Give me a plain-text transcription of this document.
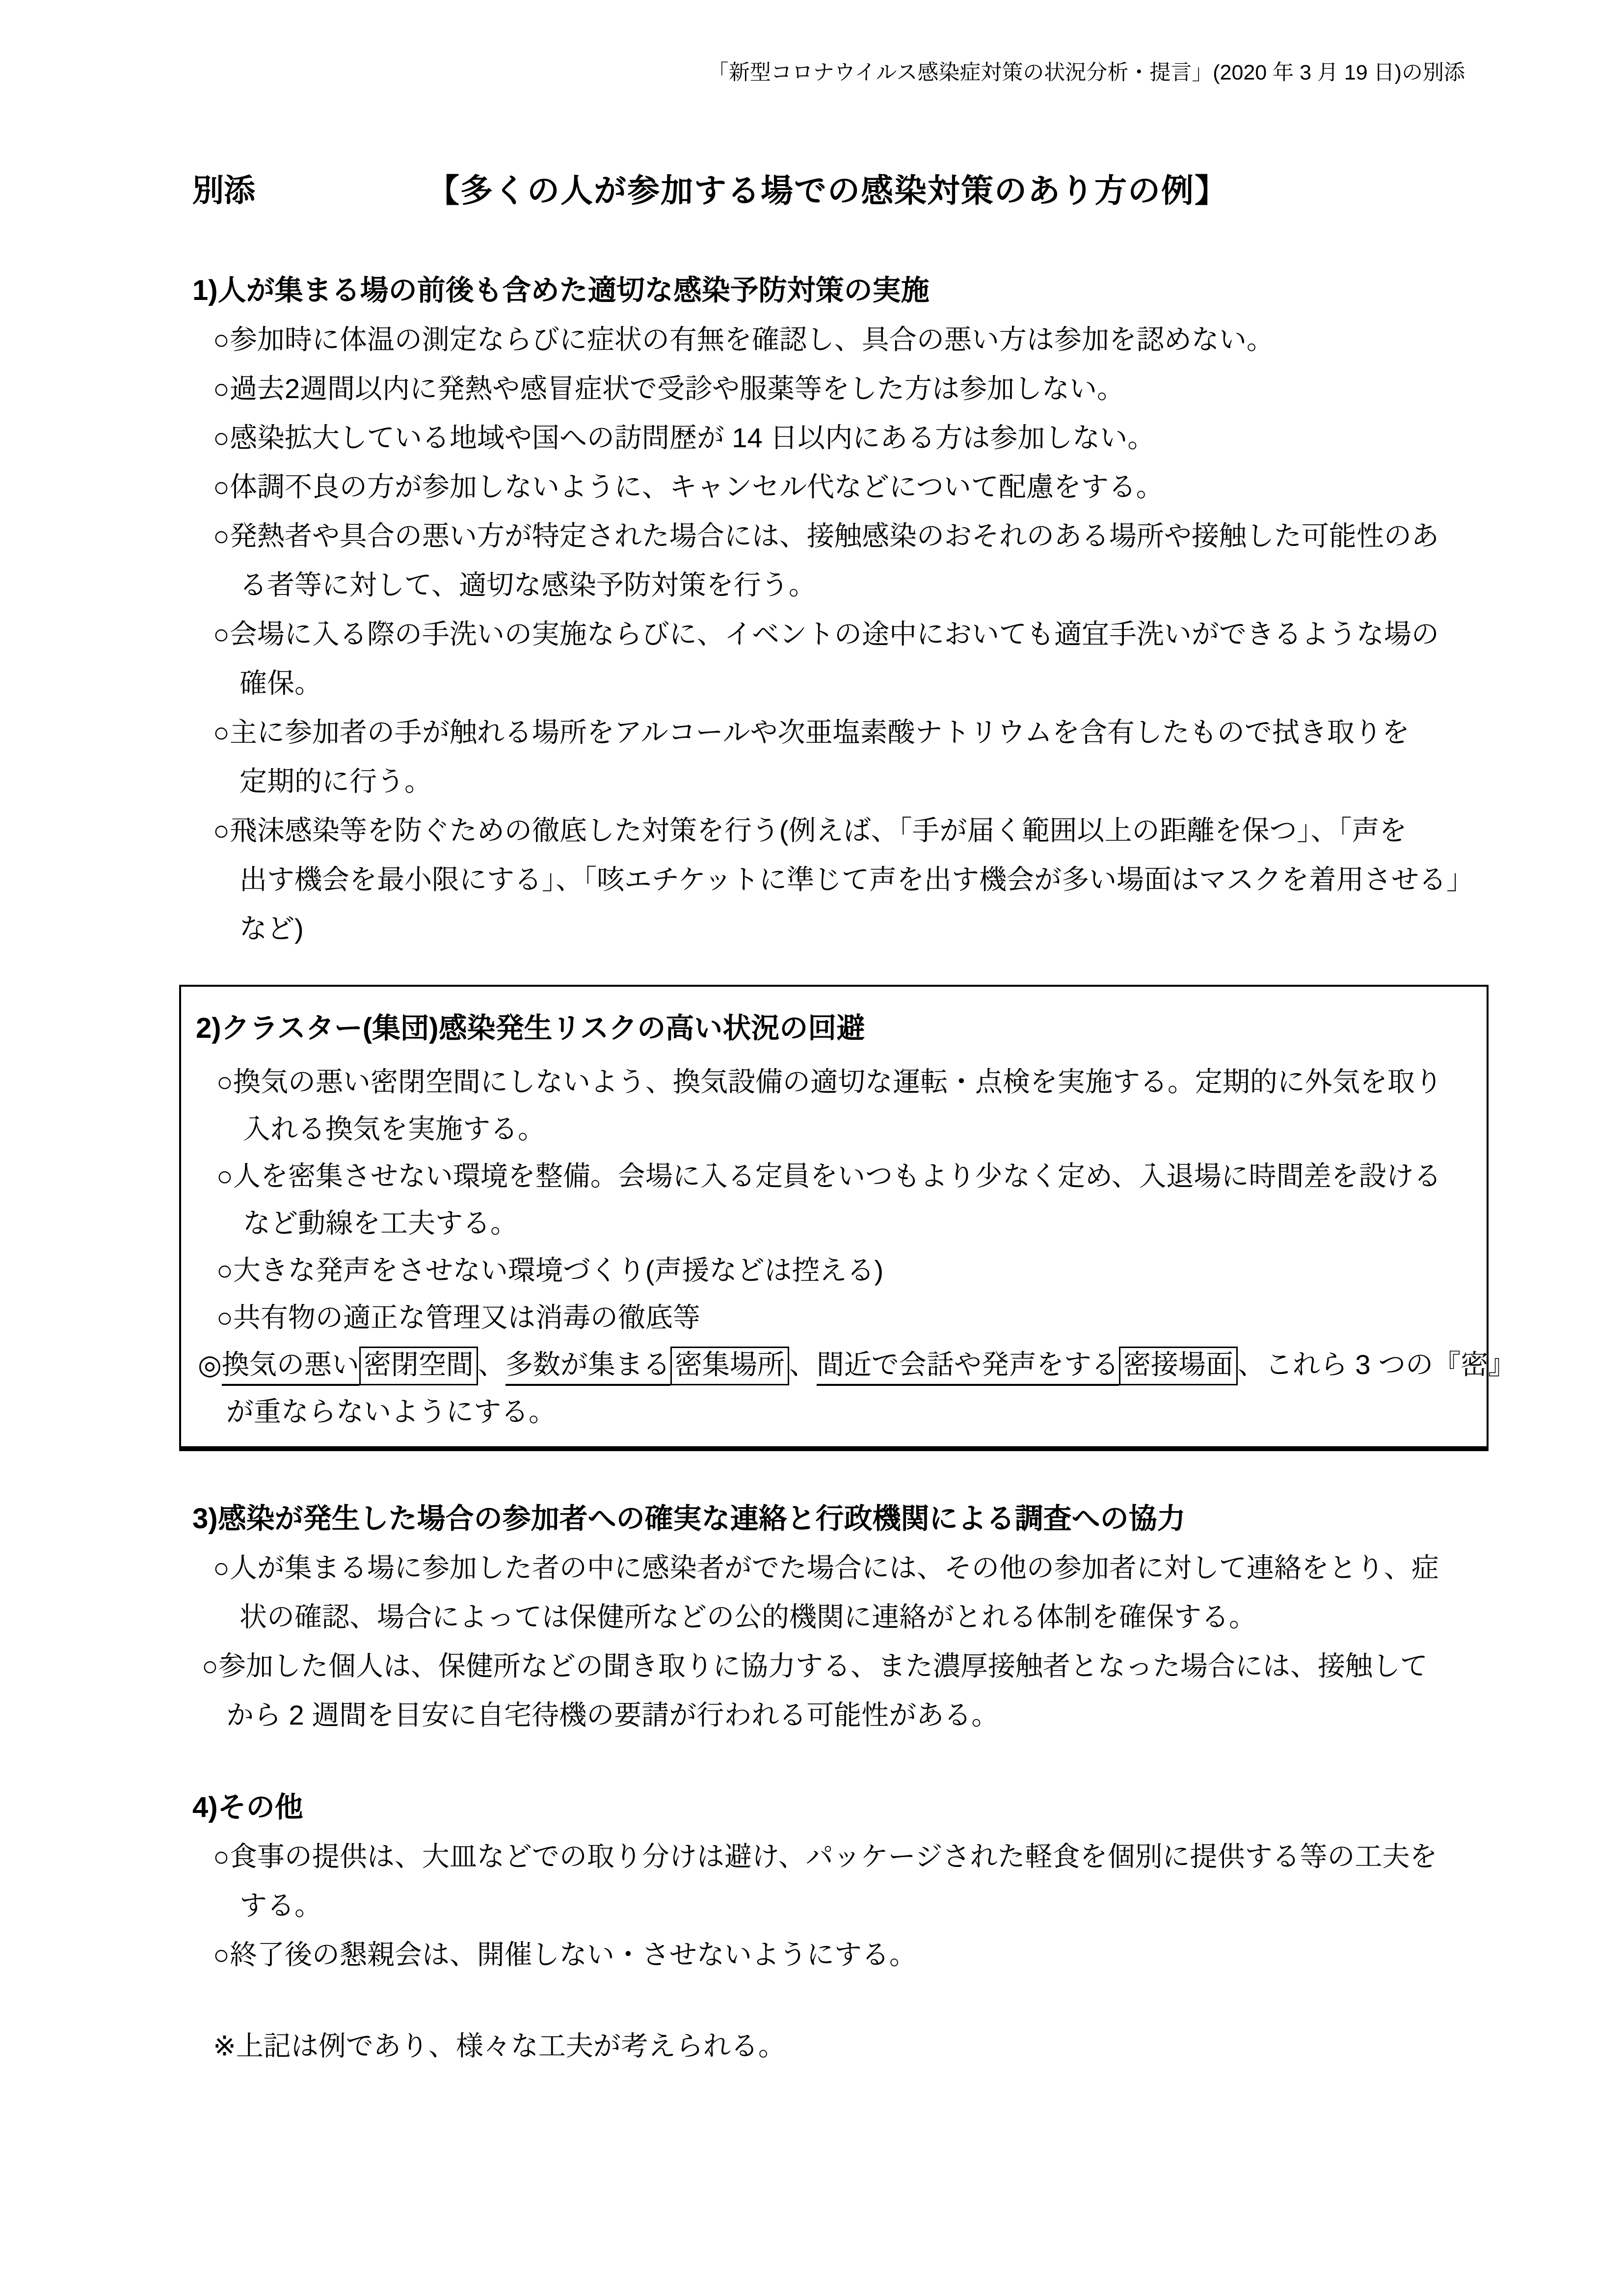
「新型コロナウイルス感染症対策の状況分析・提言」(2020 年 3 月 19 日)の別添
別添	【多くの人が参加する場での感染対策のあり方の例】
1)人が集まる場の前後も含めた適切な感染予防対策の実施
○参加時に体温の測定ならびに症状の有無を確認し、具合の悪い方は参加を認めない。
○過去2週間以内に発熱や感冒症状で受診や服薬等をした方は参加しない。
○感染拡大している地域や国への訪問歴が 14 日以内にある方は参加しない。
○体調不良の方が参加しないように、キャンセル代などについて配慮をする。
○発熱者や具合の悪い方が特定された場合には、接触感染のおそれのある場所や接触した可能性のあ
る者等に対して、適切な感染予防対策を行う。
○会場に入る際の手洗いの実施ならびに、イベントの途中においても適宜手洗いができるような場の
確保。
○主に参加者の手が触れる場所をアルコールや次亜塩素酸ナトリウムを含有したもので拭き取りを
定期的に行う。
○飛沫感染等を防ぐための徹底した対策を行う(例えば、「手が届く範囲以上の距離を保つ」、「声を
出す機会を最小限にする」、「咳エチケットに準じて声を出す機会が多い場面はマスクを着用させる」
など)
2)クラスター(集団)感染発生リスクの高い状況の回避
○換気の悪い密閉空間にしないよう、換気設備の適切な運転・点検を実施する。定期的に外気を取り
入れる換気を実施する。
○人を密集させない環境を整備。会場に入る定員をいつもより少なく定め、入退場に時間差を設ける
など動線を工夫する。
○大きな発声をさせない環境づくり(声援などは控える)
○共有物の適正な管理又は消毒の徹底等
◎換気の悪い 密閉空間 、多数が集まる 密集場所 、間近で会話や発声をする 密接場面 、これら 3 つの『密』
が重ならないようにする。
3)感染が発生した場合の参加者への確実な連絡と行政機関による調査への協力
○人が集まる場に参加した者の中に感染者がでた場合には、その他の参加者に対して連絡をとり、症
状の確認、場合によっては保健所などの公的機関に連絡がとれる体制を確保する。
○参加した個人は、保健所などの聞き取りに協力する、また濃厚接触者となった場合には、接触して
から 2 週間を目安に自宅待機の要請が行われる可能性がある。
4)その他
○食事の提供は、大皿などでの取り分けは避け、パッケージされた軽食を個別に提供する等の工夫を
する。
○終了後の懇親会は、開催しない・させないようにする。
※上記は例であり、様々な工夫が考えられる。
